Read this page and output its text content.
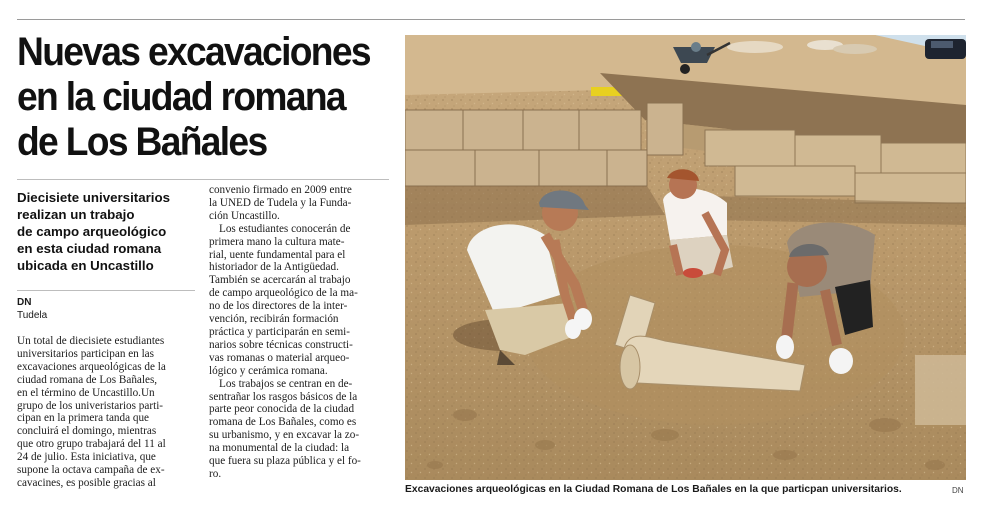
Nuevas excavaciones
en la ciudad romana
de Los Bañales
Diecisiete universitarios
realizan un trabajo
de campo arqueológico
en esta ciudad romana
ubicada en Uncastillo
DN
Tudela
Un total de diecisiete estudiantes
universitarios participan en las
excavaciones arqueológicas de la
ciudad romana de Los Bañales,
en el término de Uncastillo.Un
grupo de los univeristarios parti-
cipan en la primera tanda que
concluirá el domingo, mientras
que otro grupo trabajará del 11 al
24 de julio. Esta iniciativa, que
supone la octava campaña de ex-
cavacines, es posible gracias al
convenio firmado en 2009 entre
la UNED de Tudela y la Funda-
ción Uncastillo.
Los estudiantes conocerán de
primera mano la cultura mate-
rial, uente fundamental para el
historiador de la Antigüedad.
También se acercarán al trabajo
de campo arqueológico de la ma-
no de los directores de la inter-
vención, recibirán formación
práctica y participarán en semi-
narios sobre técnicas constructi-
vas romanas o material arqueo-
lógico y cerámica romana.
Los trabajos se centran en de-
sentrañar los rasgos básicos de la
parte peor conocida de la ciudad
romana de Los Bañales, como es
su urbanismo, y en excavar la zo-
na monumental de la ciudad: la
que fuera su plaza pública y el fo-
ro.
Excavaciones arqueológicas en la Ciudad Romana de Los Bañales en la que particpan universitarios.	DN
